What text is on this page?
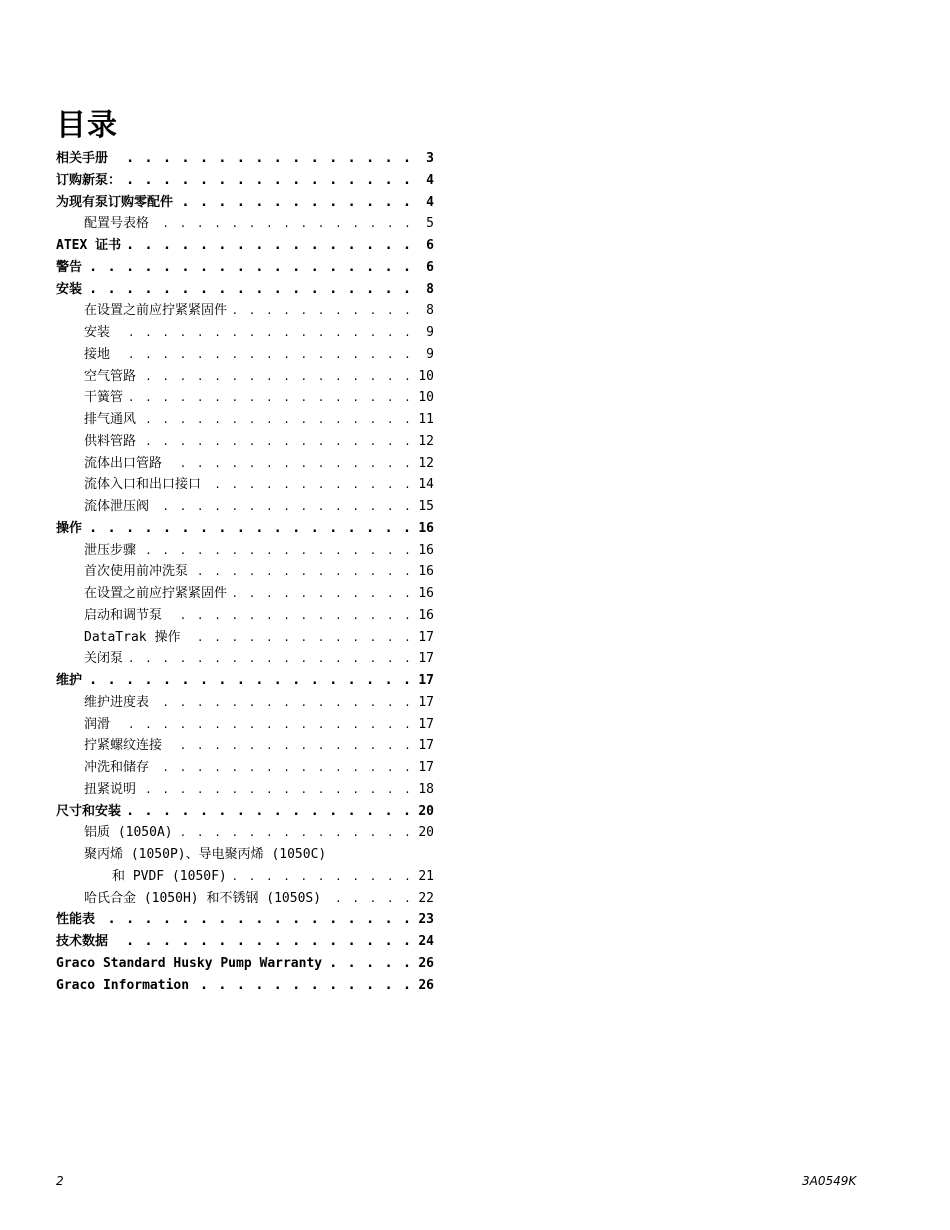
目录
相关手册 . . .	3
订购新泵： . . .	4
为现有泵订购零配件 . . .	4
配置号表格 . . .	5
ATEX 证书 . . .	6
警告 . . .	6
安装 . . .	8
在设置之前应拧紧紧固件 . . .	8
安装 . . .	9
接地 . . .	9
空气管路 . . .	10
干簧管 . . .	10
排气通风 . . .	11
供料管路 . . .	12
流体出口管路 . . .	12
流体入口和出口接口 . . .	14
流体泄压阀 . . .	15
操作 . . .	16
泄压步骤 . . .	16
首次使用前冲洗泵 . . .	16
在设置之前应拧紧紧固件 . . .	16
启动和调节泵 . . .	16
DataTrak 操作 . . .	17
关闭泵 . . .	17
维护 . . .	17
维护进度表 . . .	17
润滑 . . .	17
拧紧螺纹连接 . . .	17
冲洗和储存 . . .	17
扭紧说明 . . .	18
尺寸和安装 . . .	20
铝质 (1050A) . . .	20
聚丙烯 (1050P)、导电聚丙烯 (1050C)
和 PVDF (1050F) . . .	21
哈氏合金 (1050H) 和不锈钢 (1050S) . . .	22
性能表 . . .	23
技术数据 . . .	24
Graco Standard Husky Pump Warranty . . .	26
Graco Information . . .	26
2	3A0549K
